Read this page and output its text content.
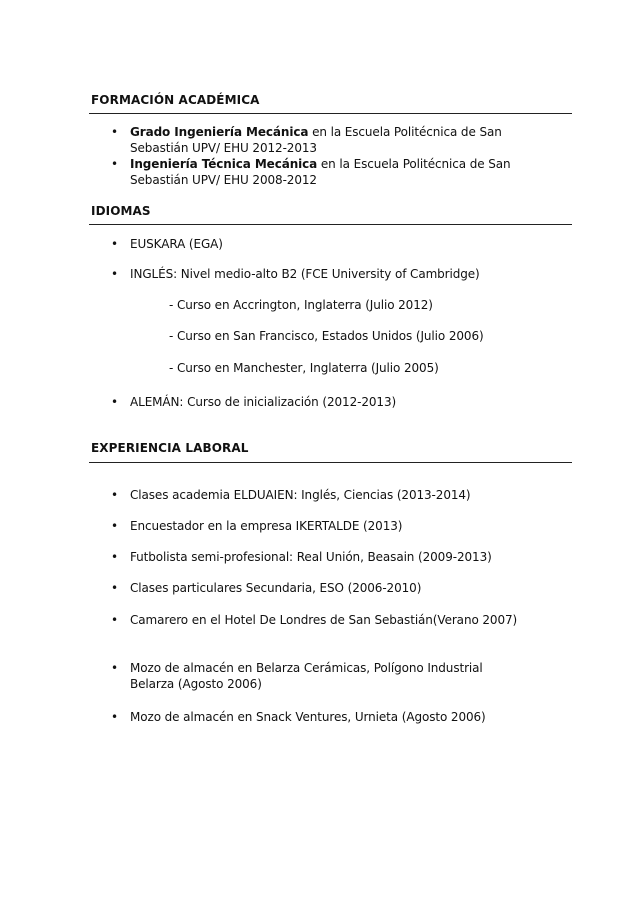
FORMACIÓN ACADÉMICA
• Grado Ingeniería Mecánica en la Escuela Politécnica de San
Sebastián UPV/ EHU 2012-2013
• Ingeniería Técnica Mecánica en la Escuela Politécnica de San
Sebastián UPV/ EHU 2008-2012
IDIOMAS
• EUSKARA (EGA)
• INGLÉS: Nivel medio-alto B2 (FCE University of Cambridge)
- Curso en Accrington, Inglaterra (Julio 2012)
- Curso en San Francisco, Estados Unidos (Julio 2006)
- Curso en Manchester, Inglaterra (Julio 2005)
• ALEMÁN: Curso de inicialización (2012-2013)
EXPERIENCIA LABORAL
• Clases academia ELDUAIEN: Inglés, Ciencias (2013-2014)
• Encuestador en la empresa IKERTALDE (2013)
• Futbolista semi-profesional: Real Unión, Beasain (2009-2013)
• Clases particulares Secundaria, ESO (2006-2010)
• Camarero en el Hotel De Londres de San Sebastián(Verano 2007)
• Mozo de almacén en Belarza Cerámicas, Polígono Industrial
Belarza (Agosto 2006)
• Mozo de almacén en Snack Ventures, Urnieta (Agosto 2006)
